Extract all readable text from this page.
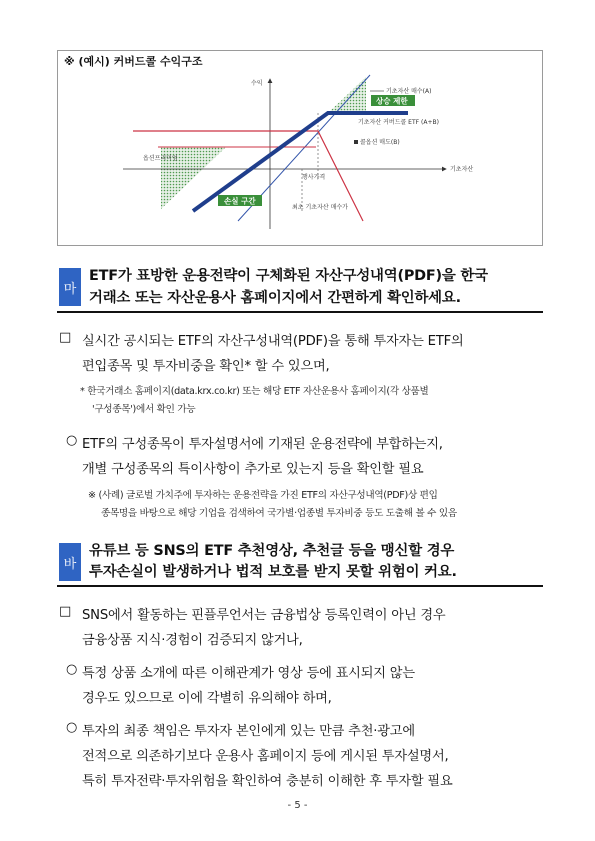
수익
기초자산 매수(A)
상승 제한
기초자산 커버드콜 ETF (A+B)
콜옵션 매도(B)
옵션프리미엄
기초자산
행사가격
손실 구간
최초 기초자산 매수가
※ (예시) 커버드콜 수익구조
마
ETF가 표방한 운용전략이 구체화된 자산구성내역(PDF)을 한국
거래소 또는 자산운용사 홈페이지에서 간편하게 확인하세요.
□ 실시간 공시되는 ETF의 자산구성내역(PDF)을 통해 투자자는 ETF의
편입종목 및 투자비중을 확인* 할 수 있으며,
* 한국거래소 홈페이지(data.krx.co.kr) 또는 해당 ETF 자산운용사 홈페이지(각 상품별
'구성종목')에서 확인 가능
○ ETF의 구성종목이 투자설명서에 기재된 운용전략에 부합하는지,
개별 구성종목의 특이사항이 추가로 있는지 등을 확인할 필요
※ (사례) 글로벌 가치주에 투자하는 운용전략을 가진 ETF의 자산구성내역(PDF)상 편입
종목명을 바탕으로 해당 기업을 검색하여 국가별·업종별 투자비중 등도 도출해 볼 수 있음
바
유튜브 등 SNS의 ETF 추천영상, 추천글 등을 맹신할 경우
투자손실이 발생하거나 법적 보호를 받지 못할 위험이 커요.
□ SNS에서 활동하는 핀플루언서는 금융법상 등록인력이 아닌 경우
금융상품 지식·경험이 검증되지 않거나,
○ 특정 상품 소개에 따른 이해관계가 영상 등에 표시되지 않는
경우도 있으므로 이에 각별히 유의해야 하며,
○ 투자의 최종 책임은 투자자 본인에게 있는 만큼 추천·광고에
전적으로 의존하기보다 운용사 홈페이지 등에 게시된 투자설명서,
특히 투자전략·투자위험을 확인하여 충분히 이해한 후 투자할 필요
- 5 -
